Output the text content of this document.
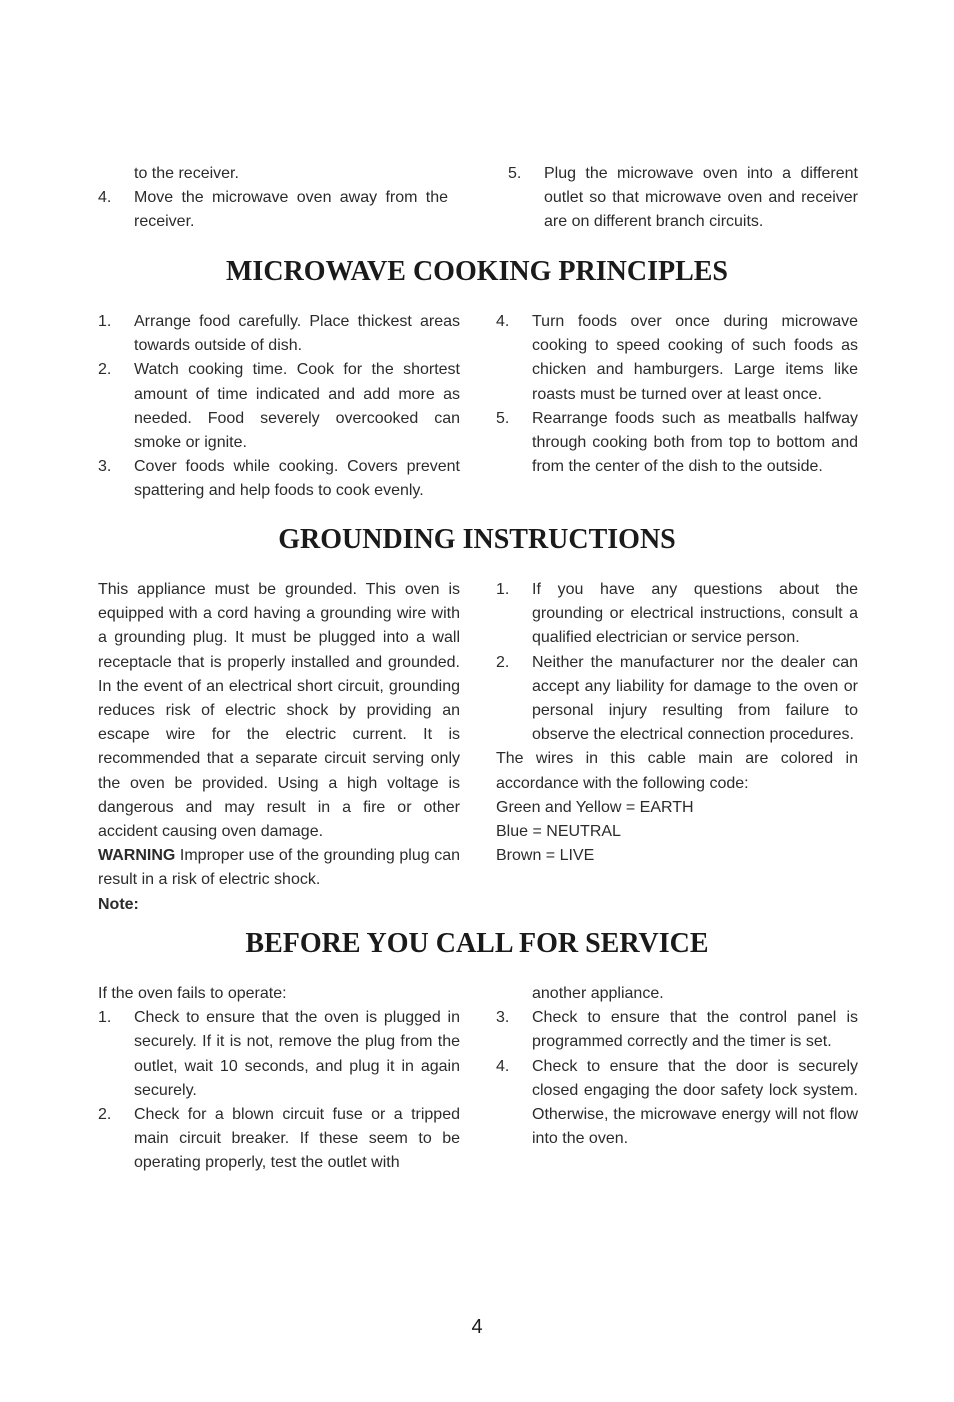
to the receiver.
4. Move the microwave oven away from the receiver.
5. Plug the microwave oven into a different outlet so that microwave oven and receiver are on different branch circuits.
MICROWAVE COOKING PRINCIPLES
1. Arrange food carefully. Place thickest areas towards outside of dish.
2. Watch cooking time. Cook for the shortest amount of time indicated and add more as needed. Food severely overcooked can smoke or ignite.
3. Cover foods while cooking. Covers prevent spattering and help foods to cook evenly.
4. Turn foods over once during microwave cooking to speed cooking of such foods as chicken and hamburgers. Large items like roasts must be turned over at least once.
5. Rearrange foods such as meatballs halfway through cooking both from top to bottom and from the center of the dish to the outside.
GROUNDING INSTRUCTIONS
This appliance must be grounded. This oven is equipped with a cord having a grounding wire with a grounding plug. It must be plugged into a wall receptacle that is properly installed and grounded. In the event of an electrical short circuit, grounding reduces risk of electric shock by providing an escape wire for the electric current. It is recommended that a separate circuit serving only the oven be provided. Using a high voltage is dangerous and may result in a fire or other accident causing oven damage.
WARNING Improper use of the grounding plug can result in a risk of electric shock.
Note:
1. If you have any questions about the grounding or electrical instructions, consult a qualified electrician or service person.
2. Neither the manufacturer nor the dealer can accept any liability for damage to the oven or personal injury resulting from failure to observe the electrical connection procedures.
The wires in this cable main are colored in accordance with the following code:
Green and Yellow = EARTH
Blue = NEUTRAL
Brown = LIVE
BEFORE YOU CALL FOR SERVICE
If the oven fails to operate:
1. Check to ensure that the oven is plugged in securely. If it is not, remove the plug from the outlet, wait 10 seconds, and plug it in again securely.
2. Check for a blown circuit fuse or a tripped main circuit breaker. If these seem to be operating properly, test the outlet with
another appliance.
3. Check to ensure that the control panel is programmed correctly and the timer is set.
4. Check to ensure that the door is securely closed engaging the door safety lock system. Otherwise, the microwave energy will not flow into the oven.
4
